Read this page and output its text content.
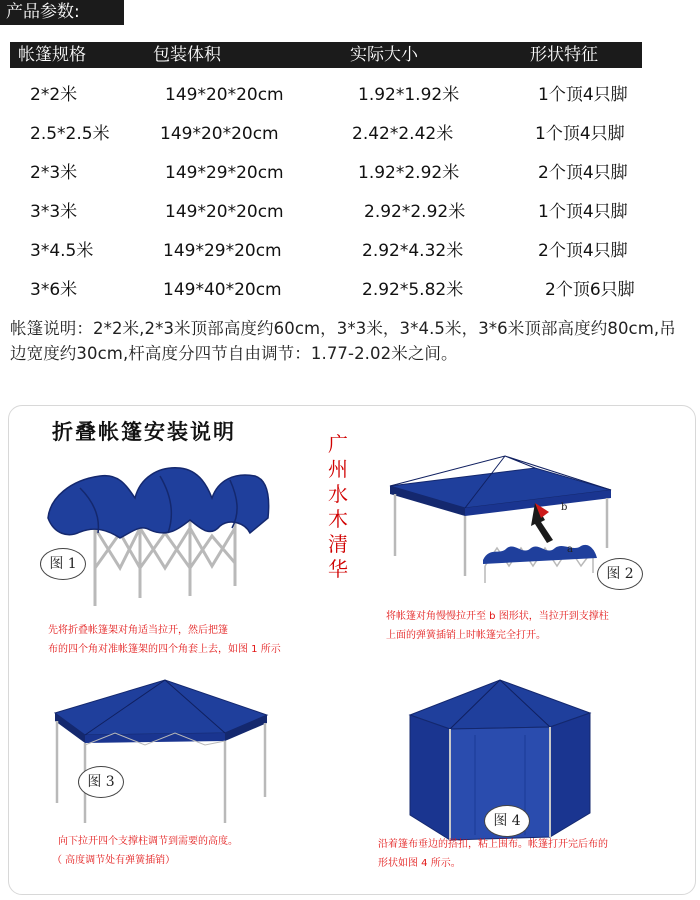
产品参数:
帐篷规格	包装体积	实际大小	形状特征
2*2米	149*20*20cm	1.92*1.92米	1个顶4只脚
2.5*2.5米	149*20*20cm	2.42*2.42米	1个顶4只脚
2*3米	149*29*20cm	1.92*2.92米	2个顶4只脚
3*3米	149*20*20cm	2.92*2.92米	1个顶4只脚
3*4.5米	149*29*20cm	2.92*4.32米	2个顶4只脚
3*6米	149*40*20cm	2.92*5.82米	2个顶6只脚
帐篷说明：2*2米,2*3米顶部高度约60cm，3*3米，3*4.5米，3*6米顶部高度约80cm,吊边宽度约30cm,杆高度分四节自由调节：1.77-2.02米之间。
折叠帐篷安装说明	广州水木清华
图 1
先将折叠帐篷架对角适当拉开，然后把篷
布的四个角对准帐篷架的四个角套上去，如图 1 所示
b
a
图 2
将帐篷对角慢慢拉开至 b 图形状，当拉开到支撑柱
上面的弹簧插销上时帐篷完全打开。
图 3
向下拉开四个支撑柱调节到需要的高度。
（ 高度调节处有弹簧插销）
图 4
沿着篷布垂边的搭扣，粘上围布。帐篷打开完后布的
形状如图 4 所示。
